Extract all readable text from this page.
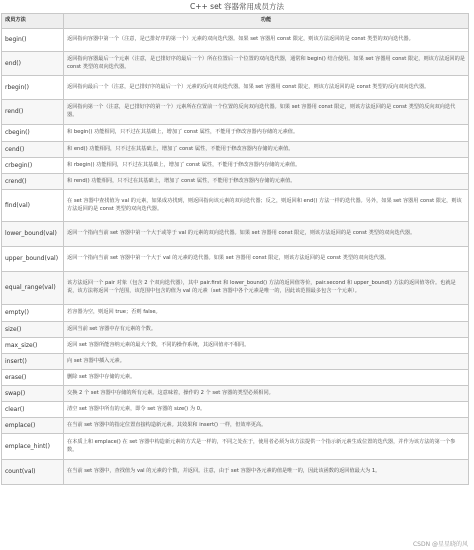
C++ set 容器常用成员方法
成员方法	功能
begin()	返回指向容器中第一个（注意，是已排好序的第一个）元素的双向迭代器。如果 set 容器用 const 限定，则该方法返回的是 const 类型的双向迭代器。
end()	返回指向容器最后一个元素（注意，是已排好序的最后一个）所在位置后一个位置的双向迭代器，通常和 begin() 结合使用。如果 set 容器用 const 限定，则该方法返回的是 const 类型的双向迭代器。
rbegin()	返回指向最后一个（注意，是已排好序的最后一个）元素的反向双向迭代器。如果 set 容器用 const 限定，则该方法返回的是 const 类型的反向双向迭代器。
rend()	返回指向第一个（注意，是已排好序的第一个）元素所在位置前一个位置的反向双向迭代器。如果 set 容器用 const 限定，则该方法返回的是 const 类型的反向双向迭代器。
cbegin()	和 begin() 功能相同，只不过在其基础上，增加了 const 属性，不能用于修改容器内存储的元素值。
cend()	和 end() 功能相同，只不过在其基础上，增加了 const 属性，不能用于修改容器内存储的元素值。
crbegin()	和 rbegin() 功能相同，只不过在其基础上，增加了 const 属性，不能用于修改容器内存储的元素值。
crend()	和 rend() 功能相同，只不过在其基础上，增加了 const 属性，不能用于修改容器内存储的元素值。
find(val)	在 set 容器中查找值为 val 的元素，如果成功找到，则返回指向该元素的双向迭代器；反之，则返回和 end() 方法一样的迭代器。另外，如果 set 容器用 const 限定，则该方法返回的是 const 类型的双向迭代器。
lower_bound(val)	返回一个指向当前 set 容器中第一个大于或等于 val 的元素的双向迭代器。如果 set 容器用 const 限定，则该方法返回的是 const 类型的双向迭代器。
upper_bound(val)	返回一个指向当前 set 容器中第一个大于 val 的元素的迭代器。如果 set 容器用 const 限定，则该方法返回的是 const 类型的双向迭代器。
equal_range(val)	该方法返回一个 pair 对象（包含 2 个双向迭代器），其中 pair.first 和 lower_bound() 方法的返回值等价，pair.second 和 upper_bound() 方法的返回值等价。也就是说，该方法将返回一个范围，该范围中包含的值为 val 的元素（set 容器中各个元素是唯一的，因此该范围最多包含一个元素）。
empty()	若容器为空，则返回 true；否则 false。
size()	返回当前 set 容器中存有元素的个数。
max_size()	返回 set 容器所能容纳元素的最大个数，不同的操作系统，其返回值亦不相同。
insert()	向 set 容器中插入元素。
erase()	删除 set 容器中存储的元素。
swap()	交换 2 个 set 容器中存储的所有元素。这意味着，操作的 2 个 set 容器的类型必须相同。
clear()	清空 set 容器中所有的元素，即令 set 容器的 size() 为 0。
emplace()	在当前 set 容器中的指定位置直接构造新元素。其效果和 insert() 一样，但效率更高。
emplace_hint()	在本质上和 emplace() 在 set 容器中构造新元素的方式是一样的，不同之处在于，使用者必须为该方法提供一个指示新元素生成位置的迭代器，并作为该方法的第一个参数。
count(val)	在当前 set 容器中，查找值为 val 的元素的个数，并返回。注意，由于 set 容器中各元素的值是唯一的，因此该函数的返回值最大为 1。
CSDN @星星晓的风
